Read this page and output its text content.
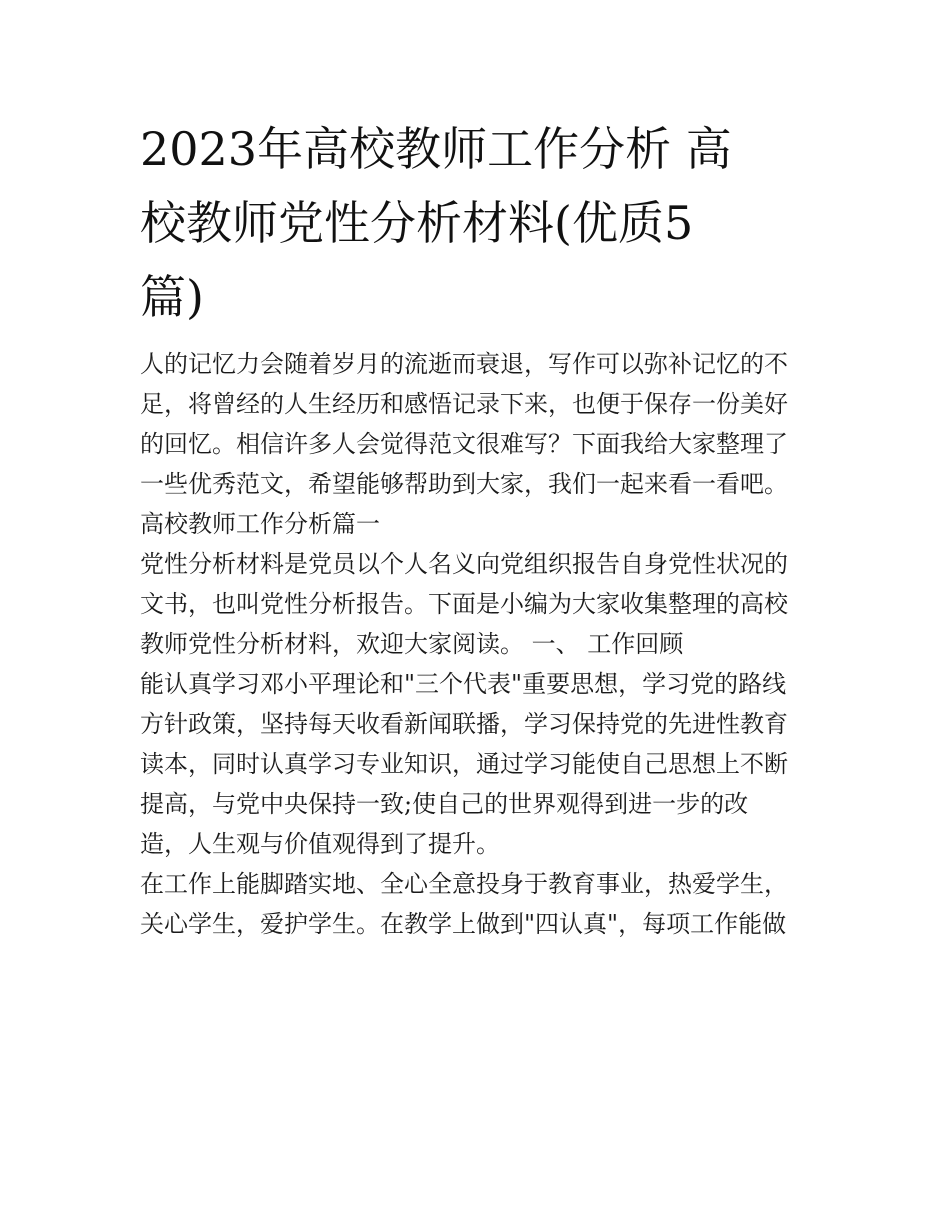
2023年高校教师工作分析 高
校教师党性分析材料(优质5
篇)
人的记忆力会随着岁月的流逝而衰退，写作可以弥补记忆的不
足，将曾经的人生经历和感悟记录下来，也便于保存一份美好
的回忆。相信许多人会觉得范文很难写？下面我给大家整理了
一些优秀范文，希望能够帮助到大家，我们一起来看一看吧。
高校教师工作分析篇一
党性分析材料是党员以个人名义向党组织报告自身党性状况的
文书，也叫党性分析报告。下面是小编为大家收集整理的高校
教师党性分析材料，欢迎大家阅读。 一、 工作回顾
能认真学习邓小平理论和"三个代表"重要思想，学习党的路线
方针政策，坚持每天收看新闻联播，学习保持党的先进性教育
读本，同时认真学习专业知识，通过学习能使自己思想上不断
提高，与党中央保持一致;使自己的世界观得到进一步的改
造，人生观与价值观得到了提升。
在工作上能脚踏实地、全心全意投身于教育事业，热爱学生，
关心学生，爱护学生。在教学上做到"四认真"，每项工作能做
